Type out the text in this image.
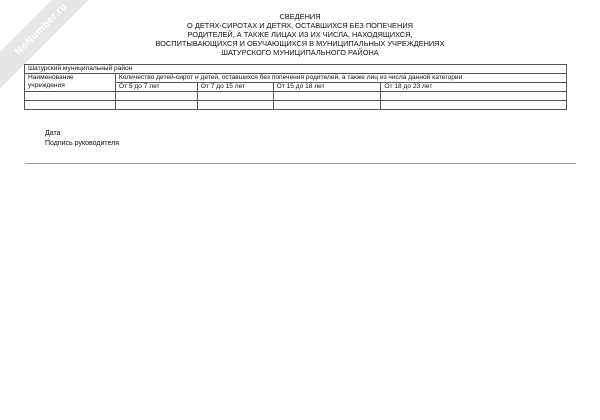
NoNumber.ru	СВЕДЕНИЯ
О ДЕТЯХ-СИРОТАХ И ДЕТЯХ, ОСТАВШИХСЯ БЕЗ ПОПЕЧЕНИЯ
РОДИТЕЛЕЙ, А ТАКЖЕ ЛИЦАХ ИЗ ИХ ЧИСЛА, НАХОДЯЩИХСЯ,
ВОСПИТЫВАЮЩИХСЯ И ОБУЧАЮЩИХСЯ В МУНИЦИПАЛЬНЫХ УЧРЕЖДЕНИЯХ
ШАТУРСКОГО МУНИЦИПАЛЬНОГО РАЙОНА
Шатурский муниципальный район				
Наименование учреждения	Количество детей-сирот и детей, оставшихся без попечения родителей, а также лиц из числа данной категории			
	От 5 до 7 лет	От 7 до 15 лет	От 15 до 18 лет	От 18 до 23 лет

Дата
Подпись руководителя
